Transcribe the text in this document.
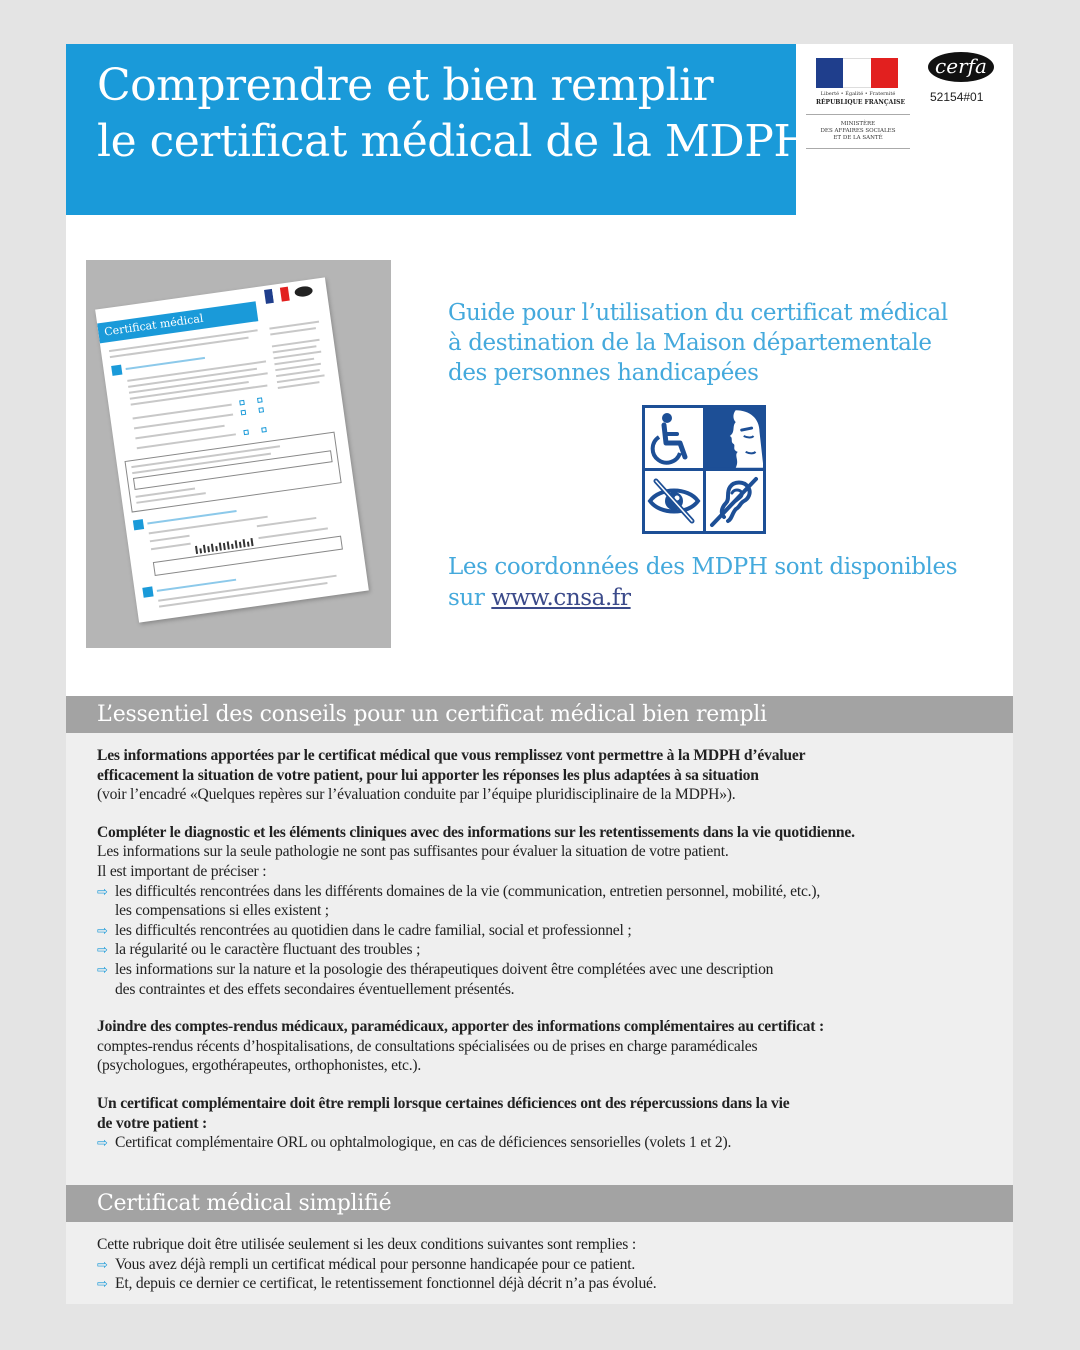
Comprendre et bien remplir
le certificat médical de la MDPH
Liberté • Égalité • Fraternité
RÉPUBLIQUE FRANÇAISE
MINISTÈRE
DES AFFAIRES SOCIALES
ET DE LA SANTÉ
cerfa
52154#01
Certificat médical	Guide pour l’utilisation du certificat médical
à destination de la Maison départementale
des personnes handicapées
Les coordonnées des MDPH sont disponibles
sur www.cnsa.fr
L’essentiel des conseils pour un certificat médical bien rempli
Les informations apportées par le certificat médical que vous remplissez vont permettre à la MDPH d’évaluer
efficacement la situation de votre patient, pour lui apporter les réponses les plus adaptées à sa situation
(voir l’encadré «Quelques repères sur l’évaluation conduite par l’équipe pluridisciplinaire de la MDPH»).
Compléter le diagnostic et les éléments cliniques avec des informations sur les retentissements dans la vie quotidienne.
Les informations sur la seule pathologie ne sont pas suffisantes pour évaluer la situation de votre patient.
Il est important de préciser :
⇨ les difficultés rencontrées dans les différents domaines de la vie (communication, entretien personnel, mobilité, etc.),
les compensations si elles existent ;
⇨ les difficultés rencontrées au quotidien dans le cadre familial, social et professionnel ;
⇨ la régularité ou le caractère fluctuant des troubles ;
⇨ les informations sur la nature et la posologie des thérapeutiques doivent être complétées avec une description
des contraintes et des effets secondaires éventuellement présentés.
Joindre des comptes-rendus médicaux, paramédicaux, apporter des informations complémentaires au certificat :
comptes-rendus récents d’hospitalisations, de consultations spécialisées ou de prises en charge paramédicales
(psychologues, ergothérapeutes, orthophonistes, etc.).
Un certificat complémentaire doit être rempli lorsque certaines déficiences ont des répercussions dans la vie
de votre patient :
⇨ Certificat complémentaire ORL ou ophtalmologique, en cas de déficiences sensorielles (volets 1 et 2).
Certificat médical simplifié
Cette rubrique doit être utilisée seulement si les deux conditions suivantes sont remplies :
⇨ Vous avez déjà rempli un certificat médical pour personne handicapée pour ce patient.
⇨ Et, depuis ce dernier ce certificat, le retentissement fonctionnel déjà décrit n’a pas évolué.
